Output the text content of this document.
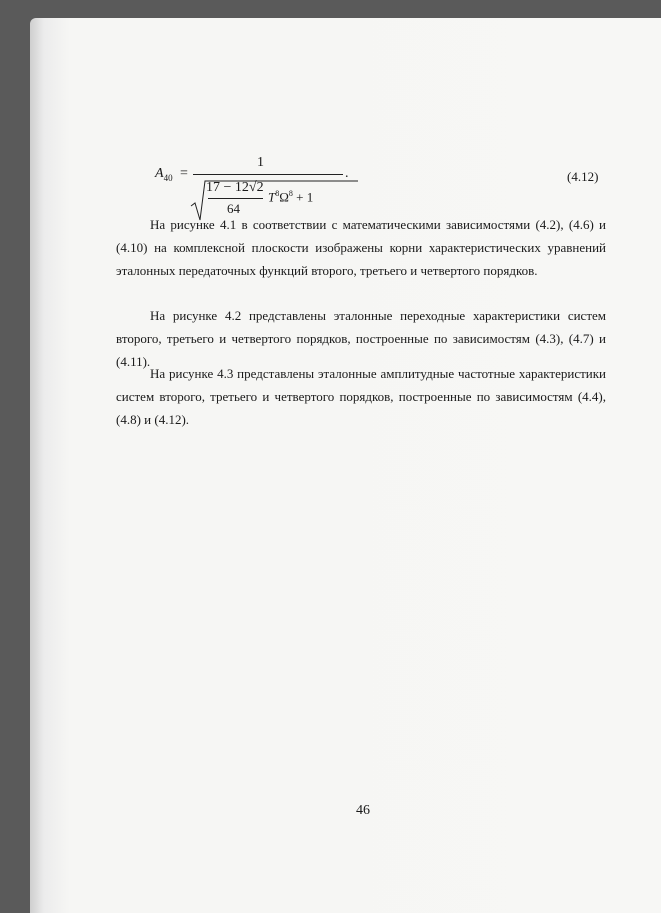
$A_{40}$ =
1
.
17 − 12√2
64
$T^8\Omega^8 + 1$
(4.12)

На рисунке 4.1 в соответствии с математическими зависимостями (4.2), (4.6) и (4.10) на комплексной плоскости изображены корни характеристических уравнений эталонных передаточных функций второго, третьего и четвертого порядков.

На рисунке 4.2 представлены эталонные переходные характеристики систем второго, третьего и четвертого порядков, построенные по зависимостям (4.3), (4.7) и (4.11).

На рисунке 4.3 представлены эталонные амплитудные частотные характеристики систем второго, третьего и четвертого порядков, построенные по зависимостям (4.4), (4.8) и (4.12).

46
